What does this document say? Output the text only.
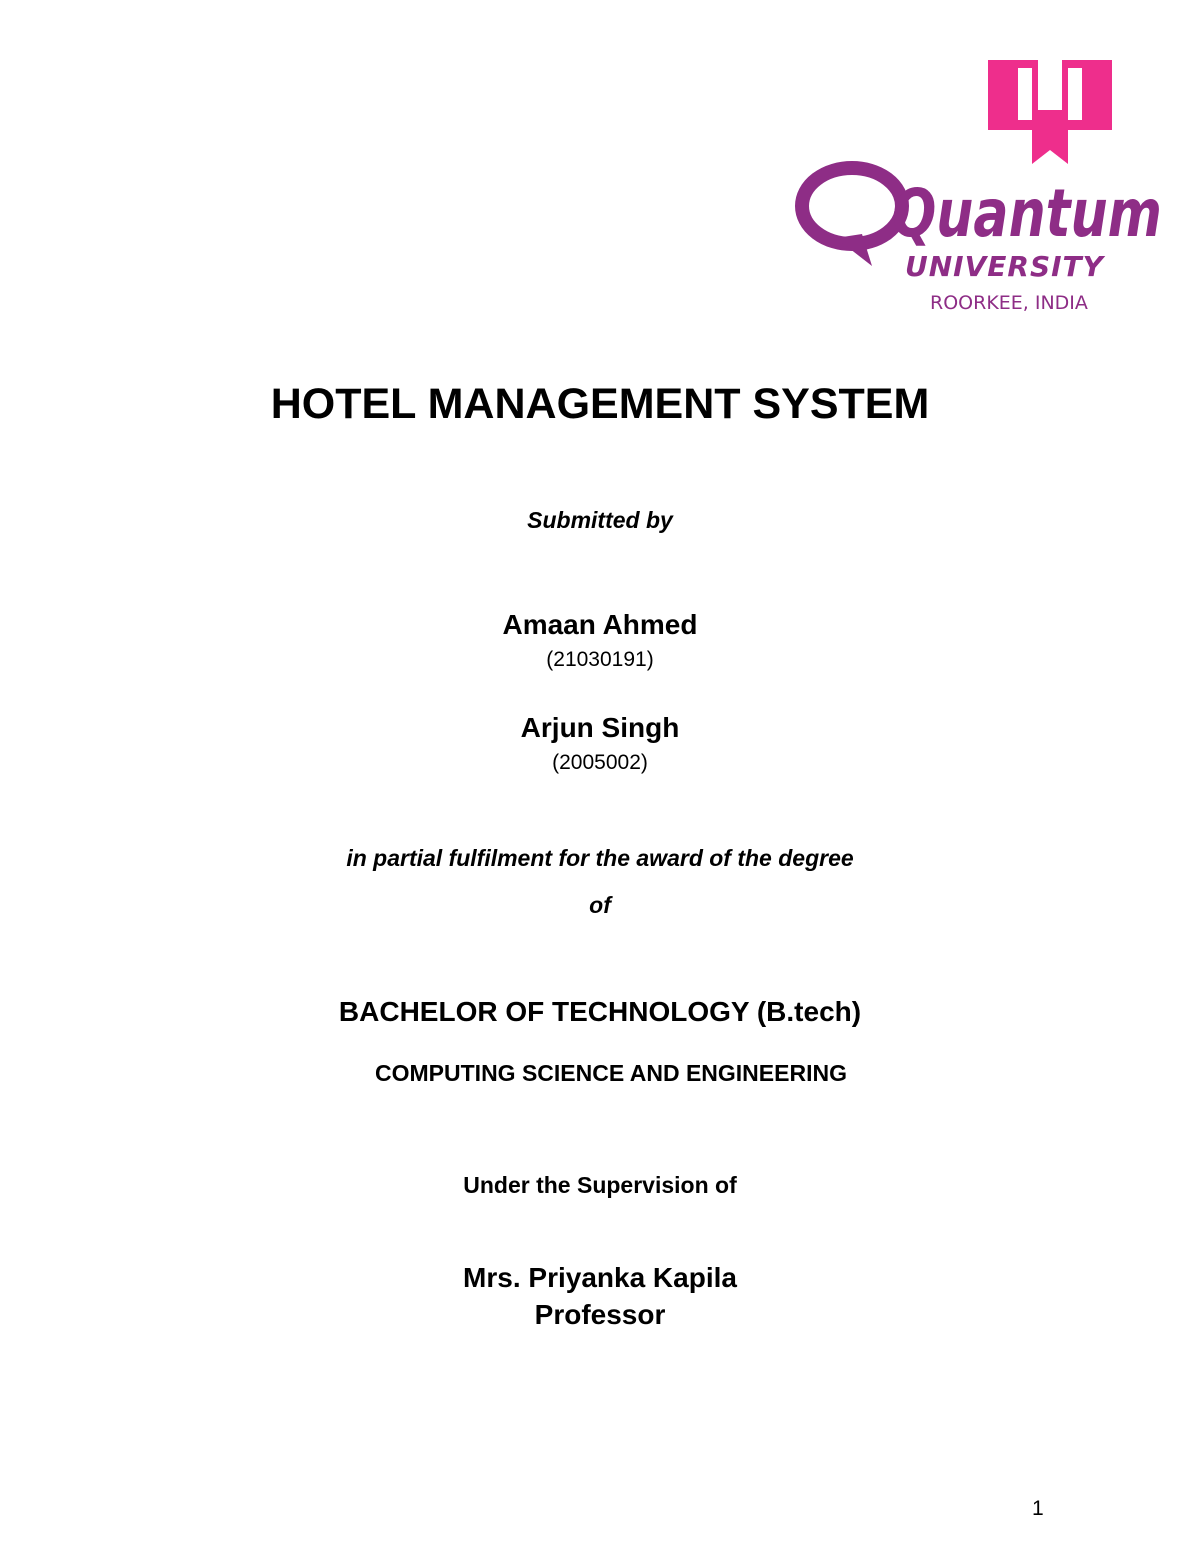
Quantum
UNIVERSITY
ROORKEE, INDIA
HOTEL MANAGEMENT SYSTEM
Submitted by
Amaan Ahmed
(21030191)
Arjun Singh
(2005002)
in partial fulfilment for the award of the degree
of
BACHELOR OF TECHNOLOGY (B.tech)
COMPUTING SCIENCE AND ENGINEERING
Under the Supervision of
Mrs. Priyanka Kapila
Professor
1
